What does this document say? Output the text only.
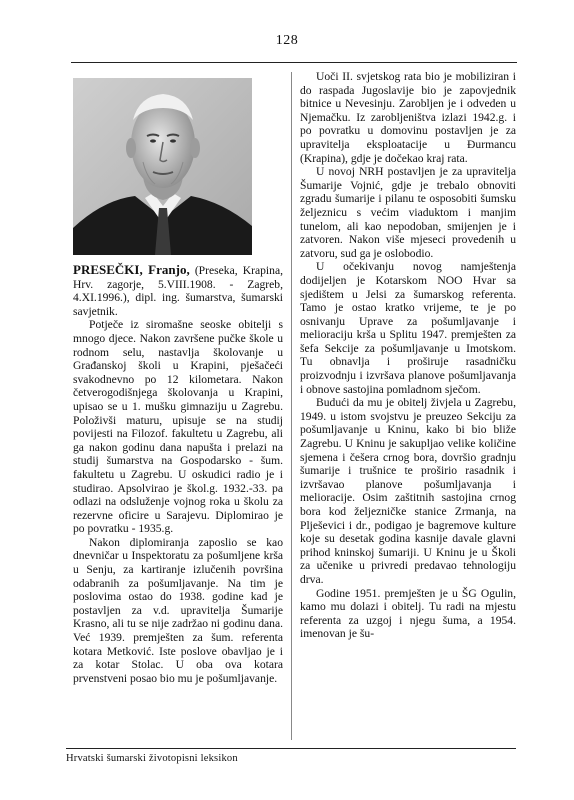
128

PRESEČKI, Franjo, (Preseka, Krapina, Hrv. zagorje, 5.VIII.1908. - Zagreb, 4.XI.1996.), dipl. ing. šumarstva, šumarski savjetnik.

Potječe iz siromašne seoske obitelji s mnogo djece. Nakon završene pučke škole u rodnom selu, nastavlja školovanje u Građanskoj školi u Krapini, pješačeći svakodnevno po 12 kilometara. Nakon četverogodišnjega školovanja u Krapini, upisao se u 1. mušku gimnaziju u Zagrebu. Položivši maturu, upisuje se na studij povijesti na Filozof. fakultetu u Zagrebu, ali ga nakon godinu dana napušta i prelazi na studij šumarstva na Gospodarsko - šum. fakultetu u Zagrebu. U oskudici radio je i studirao. Apsolvirao je škol.g. 1932.-33. pa odlazi na odsluženje vojnog roka u školu za rezervne oficire u Sarajevu. Diplomirao je po povratku - 1935.g.

Nakon diplomiranja zaposlio se kao dnevničar u Inspektoratu za pošumljene krša u Senju, za kartiranje izlučenih površina odabranih za pošumljavanje. Na tim je poslovima ostao do 1938. godine kad je postavljen za v.d. upravitelja Šumarije Krasno, ali tu se nije zadržao ni godinu dana. Već 1939. premješten za šum. referenta kotara Metković. Iste poslove obavljao je i za kotar Stolac. U oba ova kotara prvenstveni posao bio mu je pošumljavanje.

Uoči II. svjetskog rata bio je mobiliziran i do raspada Jugoslavije bio je zapovjednik bitnice u Nevesinju. Zarobljen je i odveden u Njemačku. Iz zarobljeništva izlazi 1942.g. i po povratku u domovinu postavljen je za upravitelja eksploatacije u Đurmancu (Krapina), gdje je dočekao kraj rata.

U novoj NRH postavljen je za upravitelja Šumarije Vojnić, gdje je trebalo obnoviti zgradu šumarije i pilanu te osposobiti šumsku željeznicu s većim viaduktom i manjim tunelom, ali kao nepodoban, smijenjen je i zatvoren. Nakon više mjeseci provedenih u zatvoru, sud ga je oslobodio.

U očekivanju novog namještenja dodijeljen je Kotarskom NOO Hvar sa sjedištem u Jelsi za šumarskog referenta. Tamo je ostao kratko vrijeme, te je po osnivanju Uprave za pošumljavanje i melioraciju krša u Splitu 1947. premješten za šefa Sekcije za pošumljavanje u Imotskom. Tu obnavlja i proširuje rasadničku proizvodnju i izvršava planove pošumljavanja i obnove sastojina pomladnom sječom.

Budući da mu je obitelj živjela u Zagrebu, 1949. u istom svojstvu je preuzeo Sekciju za pošumljavanje u Kninu, kako bi bio bliže Zagrebu. U Kninu je sakupljao velike količine sjemena i češera crnog bora, dovršio gradnju šumarije i trušnice te proširio rasadnik i izvršavao planove pošumljavanja i melioracije. Osim zaštitnih sastojina crnog bora kod željezničke stanice Zrmanja, na Plješevici i dr., podigao je bagremove kulture koje su desetak godina kasnije davale glavni prihod kninskoj šumariji. U Kninu je u Školi za učenike u privredi predavao tehnologiju drva.

Godine 1951. premješten je u ŠG Ogulin, kamo mu dolazi i obitelj. Tu radi na mjestu referenta za uzgoj i njegu šuma, a 1954. imenovan je šu-

Hrvatski šumarski životopisni leksikon
